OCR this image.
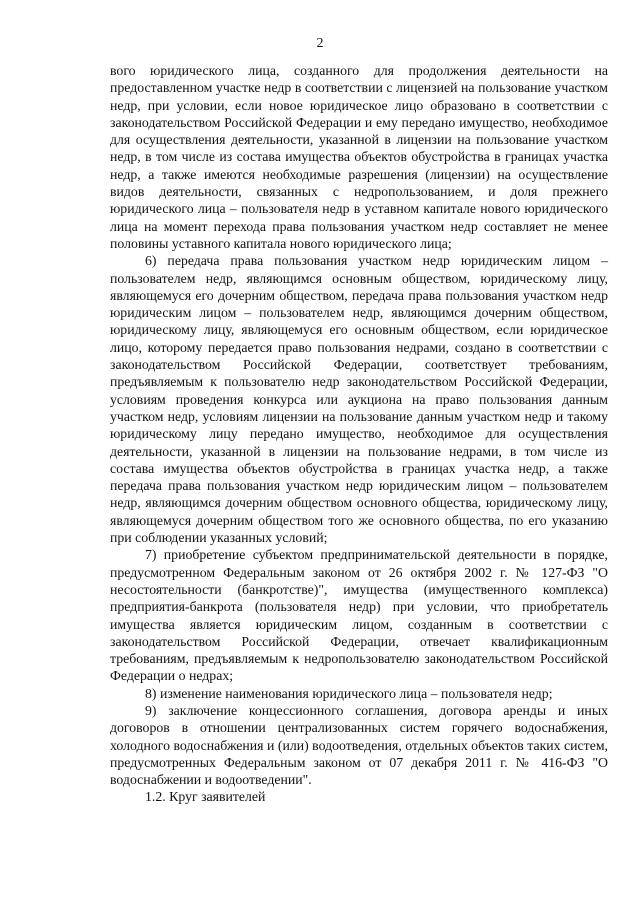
2

вого юридического лица, созданного для продолжения деятельности на предоставленном участке недр в соответствии с лицензией на пользование участком недр, при условии, если новое юридическое лицо образовано в соответствии с законодательством Российской Федерации и ему передано имущество, необходимое для осуществления деятельности, указанной в лицензии на пользование участком недр, в том числе из состава имущества объектов обустройства в границах участка недр, а также имеются необходимые разрешения (лицензии) на осуществление видов деятельности, связанных с недропользованием, и доля прежнего юридического лица – пользователя недр в уставном капитале нового юридического лица на момент перехода права пользования участком недр составляет не менее половины уставного капитала нового юридического лица;

6) передача права пользования участком недр юридическим лицом – пользователем недр, являющимся основным обществом, юридическому лицу, являющемуся его дочерним обществом, передача права пользования участком недр юридическим лицом – пользователем недр, являющимся дочерним обществом, юридическому лицу, являющемуся его основным обществом, если юридическое лицо, которому передается право пользования недрами, создано в соответствии с законодательством Российской Федерации, соответствует требованиям, предъявляемым к пользователю недр законодательством Российской Федерации, условиям проведения конкурса или аукциона на право пользования данным участком недр, условиям лицензии на пользование данным участком недр и такому юридическому лицу передано имущество, необходимое для осуществления деятельности, указанной в лицензии на пользование недрами, в том числе из состава имущества объектов обустройства в границах участка недр, а также передача права пользования участком недр юридическим лицом – пользователем недр, являющимся дочерним обществом основного общества, юридическому лицу, являющемуся дочерним обществом того же основного общества, по его указанию при соблюдении указанных условий;

7) приобретение субъектом предпринимательской деятельности в порядке, предусмотренном Федеральным законом от 26 октября 2002 г. № 127-ФЗ "О несостоятельности (банкротстве)", имущества (имущественного комплекса) предприятия-банкрота (пользователя недр) при условии, что приобретатель имущества является юридическим лицом, созданным в соответствии с законодательством Российской Федерации, отвечает квалификационным требованиям, предъявляемым к недропользователю законодательством Российской Федерации о недрах;

8) изменение наименования юридического лица – пользователя недр;

9) заключение концессионного соглашения, договора аренды и иных договоров в отношении централизованных систем горячего водоснабжения, холодного водоснабжения и (или) водоотведения, отдельных объектов таких систем, предусмотренных Федеральным законом от 07 декабря 2011 г. № 416-ФЗ "О водоснабжении и водоотведении".

1.2. Круг заявителей
